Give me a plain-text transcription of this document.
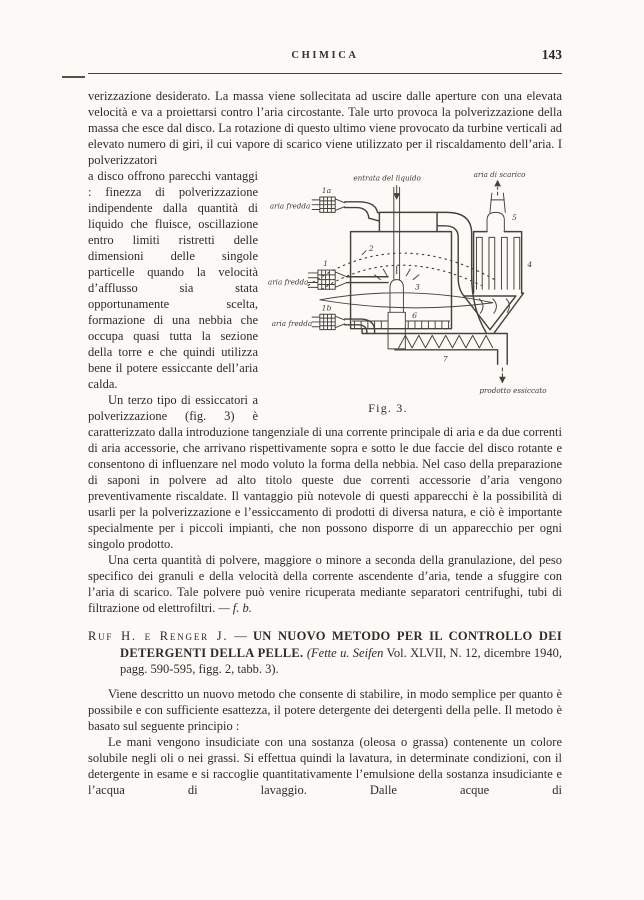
CHIMICA	143

verizzazione desiderato. La massa viene sollecitata ad uscire dalle aperture con una elevata velocità e va a proiettarsi contro l’aria circostante. Tale urto provoca la polverizzazione della massa che esce dal disco. La rotazione di questo ultimo viene provocato da turbine verticali ad elevato numero di giri, il cui vapore di scarico viene utilizzato per il riscaldamento dell’aria. I polverizzatori

entrata del liquido	aria di scarico
aria fredda
aria fredda
aria fredda
prodotto essiccato
1a
1
1b
2
3
4
5
6
7
Fig. 3.

a disco offrono parecchi vantaggi : finezza di polverizzazione indipendente dalla quantità di liquido che fluisce, oscillazione entro limiti ristretti delle dimensioni delle singole particelle quando la velocità d’afflusso sia stata opportunamente scelta, formazione di una nebbia che occupa quasi tutta la sezione della torre e che quindi utilizza bene il potere essiccante dell’aria calda.

Un terzo tipo di essiccatori a polverizzazione (fig. 3) è caratterizzato dalla introduzione tangenziale di una corrente principale di aria e da due correnti di aria accessorie, che arrivano rispettivamente sopra e sotto le due faccie del disco rotante e consentono di influenzare nel modo voluto la forma della nebbia. Nel caso della preparazione di saponi in polvere ad alto titolo queste due correnti accessorie d’aria vengono preventivamente riscaldate. Il vantaggio più notevole di questi apparecchi è la possibilità di usarli per la polverizzazione e l’essiccamento di prodotti di diversa natura, e ciò è importante specialmente per i piccoli impianti, che non possono disporre di un apparecchio per ogni singolo prodotto.

Una certa quantità di polvere, maggiore o minore a seconda della granulazione, del peso specifico dei granuli e della velocità della corrente ascendente d’aria, tende a sfuggire con l’aria di scarico. Tale polvere può venire ricuperata mediante separatori centrifughi, tubi di filtrazione od elettrofiltri. — f. b.

Ruf H. e Renger J. — UN NUOVO METODO PER IL CONTROLLO DEI DETERGENTI DELLA PELLE. (Fette u. Seifen Vol. XLVII, N. 12, dicembre 1940, pagg. 590-595, figg. 2, tabb. 3).

Viene descritto un nuovo metodo che consente di stabilire, in modo semplice per quanto è possibile e con sufficiente esattezza, il potere detergente dei detergenti della pelle. Il metodo è basato sul seguente principio :

Le mani vengono insudiciate con una sostanza (oleosa o grassa) contenente un colore solubile negli oli o nei grassi. Si effettua quindi la lavatura, in determinate condizioni, con il detergente in esame e si raccoglie quantitativamente l’emulsione della sostanza insudiciante e l’acqua di lavaggio. Dalle acque di
